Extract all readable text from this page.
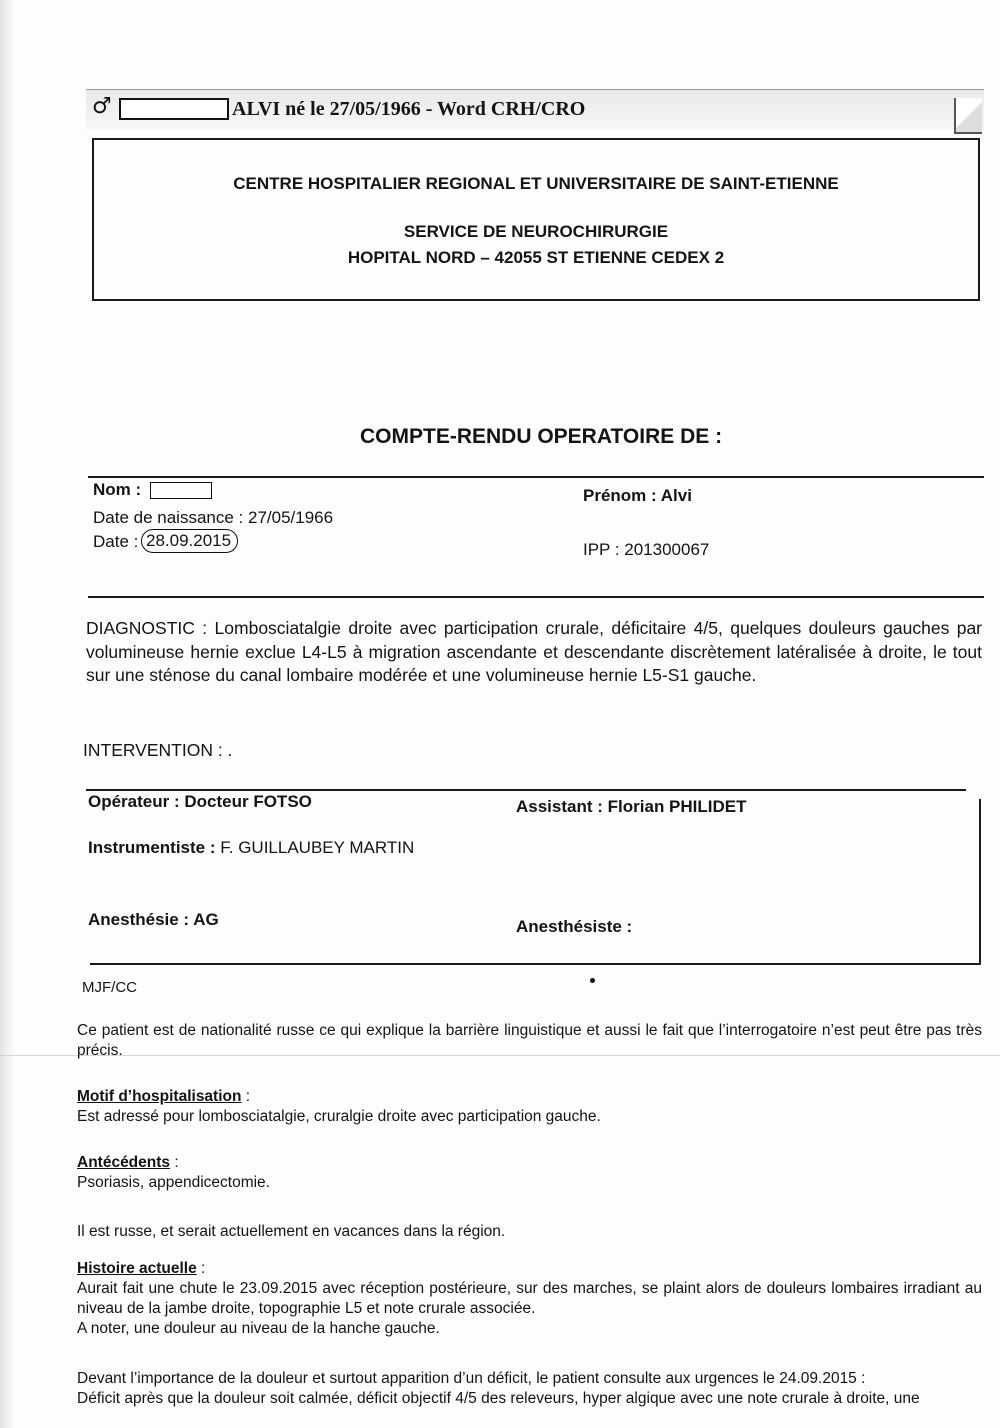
♂	ALVI né le 27/05/1966 - Word CRH/CRO
CENTRE HOSPITALIER REGIONAL ET UNIVERSITAIRE DE SAINT-ETIENNE
SERVICE DE NEUROCHIRURGIE
HOPITAL NORD – 42055 ST ETIENNE CEDEX 2
COMPTE-RENDU OPERATOIRE DE :
Nom :
Date de naissance : 27/05/1966
Date : 28.09.2015
Prénom : Alvi
IPP : 201300067
DIAGNOSTIC : Lombosciatalgie droite avec participation crurale, déficitaire 4/5, quelques douleurs gauches par volumineuse hernie exclue L4-L5 à migration ascendante et descendante discrètement latéralisée à droite, le tout sur une sténose du canal lombaire modérée et une volumineuse hernie L5-S1 gauche.
INTERVENTION : .
Opérateur : Docteur FOTSO	Assistant : Florian PHILIDET
Instrumentiste : F. GUILLAUBEY MARTIN
Anesthésie : AG	Anesthésiste :
MJF/CC
Ce patient est de nationalité russe ce qui explique la barrière linguistique et aussi le fait que l’interrogatoire n’est peut être pas très précis.
Motif d’hospitalisation :
Est adressé pour lombosciatalgie, cruralgie droite avec participation gauche.
Antécédents :
Psoriasis, appendicectomie.
Il est russe, et serait actuellement en vacances dans la région.
Histoire actuelle :
Aurait fait une chute le 23.09.2015 avec réception postérieure, sur des marches, se plaint alors de douleurs lombaires irradiant au niveau de la jambe droite, topographie L5 et note crurale associée.
A noter, une douleur au niveau de la hanche gauche.
Devant l’importance de la douleur et surtout apparition d’un déficit, le patient consulte aux urgences le 24.09.2015 :
Déficit après que la douleur soit calmée, déficit objectif 4/5 des releveurs, hyper algique avec une note crurale à droite, une
